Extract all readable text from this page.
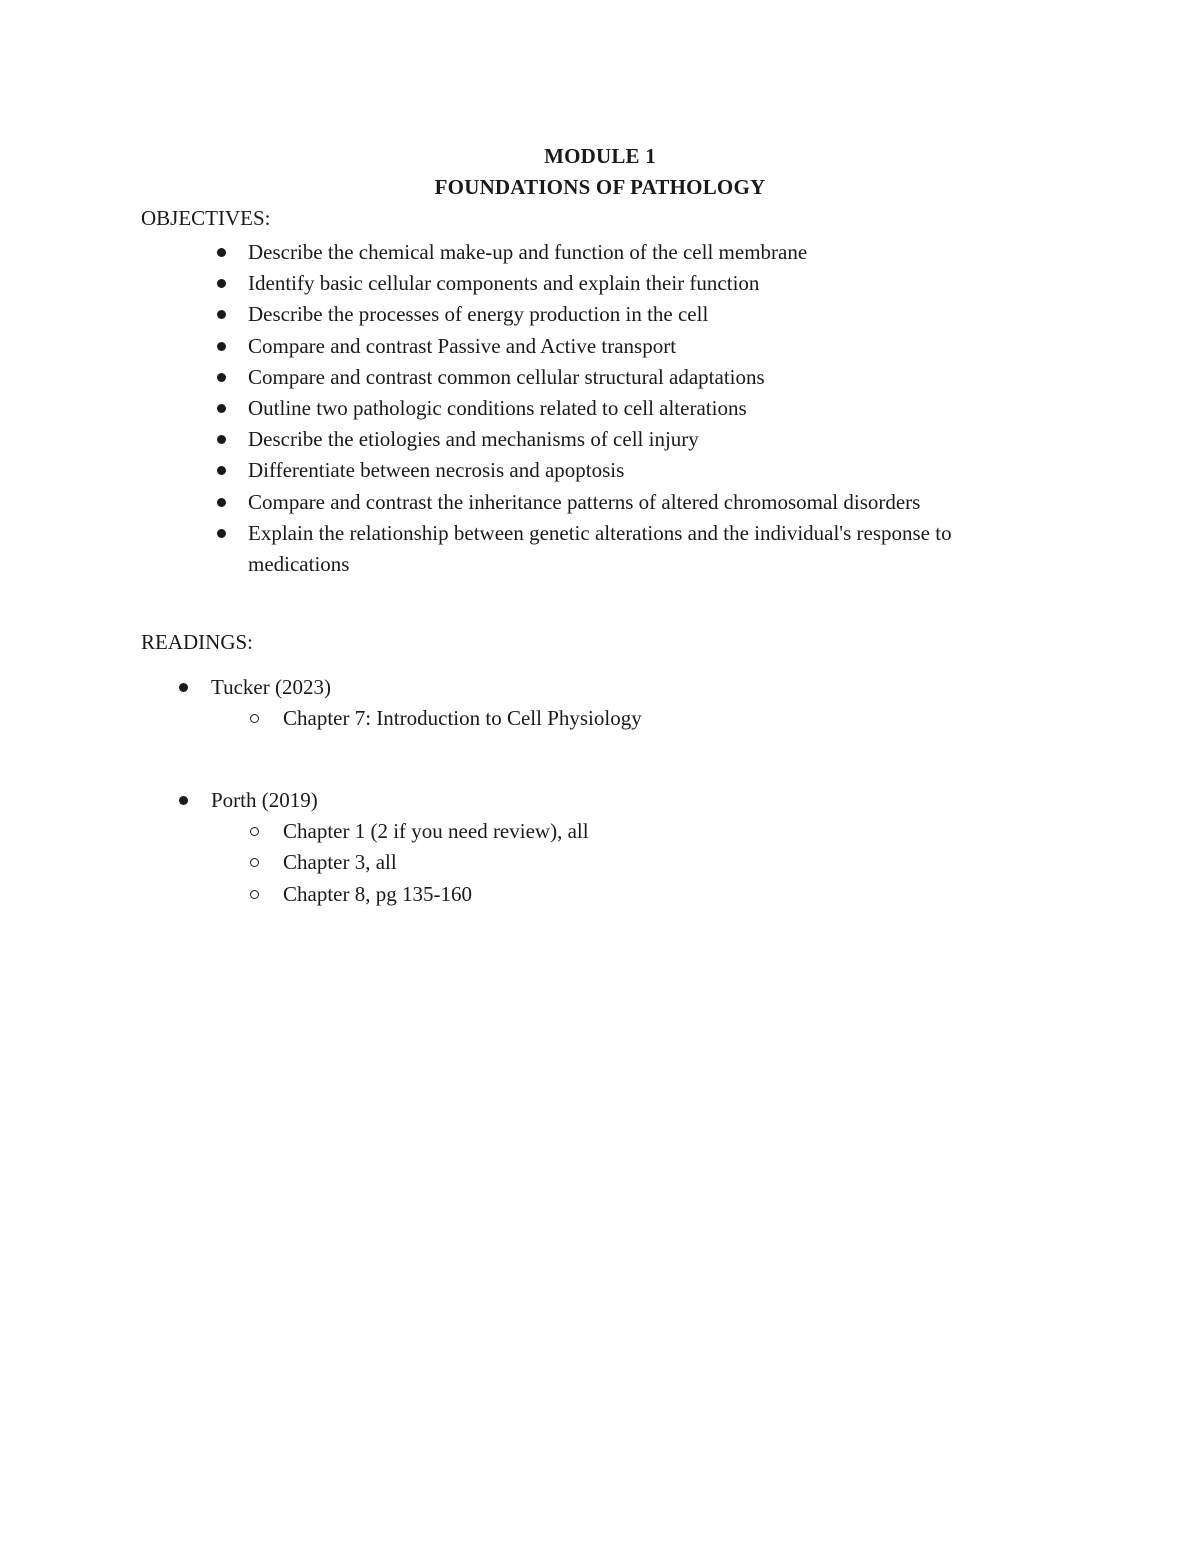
MODULE 1
FOUNDATIONS OF PATHOLOGY
OBJECTIVES:
Describe the chemical make-up and function of the cell membrane
Identify basic cellular components and explain their function
Describe the processes of energy production in the cell
Compare and contrast Passive and Active transport
Compare and contrast common cellular structural adaptations
Outline two pathologic conditions related to cell alterations
Describe the etiologies and mechanisms of cell injury
Differentiate between necrosis and apoptosis
Compare and contrast the inheritance patterns of altered chromosomal disorders
Explain the relationship between genetic alterations and the individual's response to medications
READINGS:
Tucker (2023)
Chapter 7: Introduction to Cell Physiology
Porth (2019)
Chapter 1 (2 if you need review), all
Chapter 3, all
Chapter 8, pg 135-160
